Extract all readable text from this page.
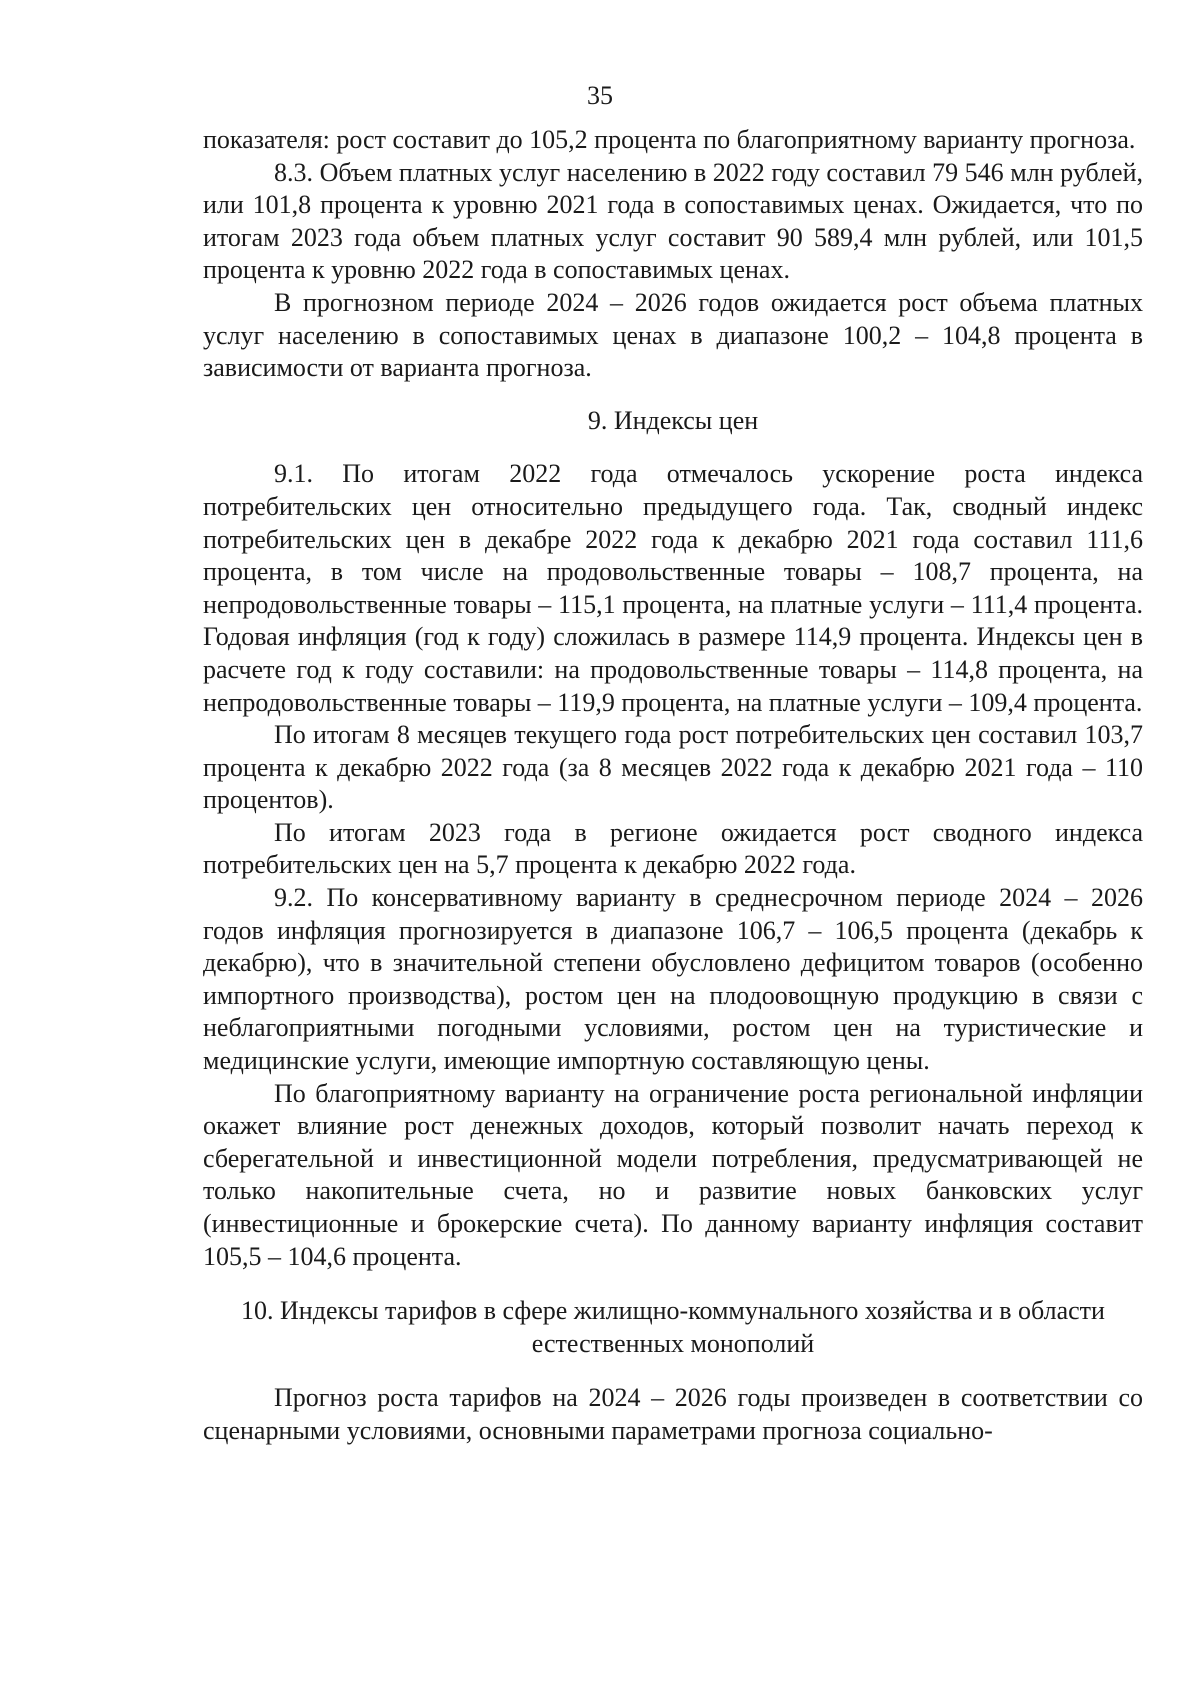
35

показателя: рост составит до 105,2 процента по благоприятному варианту прогноза.

8.3. Объем платных услуг населению в 2022 году составил 79 546 млн рублей, или 101,8 процента к уровню 2021 года в сопоставимых ценах. Ожидается, что по итогам 2023 года объем платных услуг составит 90 589,4 млн рублей, или 101,5 процента к уровню 2022 года в сопоставимых ценах.

В прогнозном периоде 2024 – 2026 годов ожидается рост объема платных услуг населению в сопоставимых ценах в диапазоне 100,2 – 104,8 процента в зависимости от варианта прогноза.

9. Индексы цен

9.1. По итогам 2022 года отмечалось ускорение роста индекса потребительских цен относительно предыдущего года. Так, сводный индекс потребительских цен в декабре 2022 года к декабрю 2021 года составил 111,6 процента, в том числе на продовольственные товары – 108,7 процента, на непродовольственные товары – 115,1 процента, на платные услуги – 111,4 процента. Годовая инфляция (год к году) сложилась в размере 114,9 процента. Индексы цен в расчете год к году составили: на продовольственные товары – 114,8 процента, на непродовольственные товары – 119,9 процента, на платные услуги – 109,4 процента.

По итогам 8 месяцев текущего года рост потребительских цен составил 103,7 процента к декабрю 2022 года (за 8 месяцев 2022 года к декабрю 2021 года – 110 процентов).

По итогам 2023 года в регионе ожидается рост сводного индекса потребительских цен на 5,7 процента к декабрю 2022 года.

9.2. По консервативному варианту в среднесрочном периоде 2024 – 2026 годов инфляция прогнозируется в диапазоне 106,7 – 106,5 процента (декабрь к декабрю), что в значительной степени обусловлено дефицитом товаров (особенно импортного производства), ростом цен на плодоовощную продукцию в связи с неблагоприятными погодными условиями, ростом цен на туристические и медицинские услуги, имеющие импортную составляющую цены.

По благоприятному варианту на ограничение роста региональной инфляции окажет влияние рост денежных доходов, который позволит начать переход к сберегательной и инвестиционной модели потребления, предусматривающей не только накопительные счета, но и развитие новых банковских услуг (инвестиционные и брокерские счета). По данному варианту инфляция составит 105,5 – 104,6 процента.

10. Индексы тарифов в сфере жилищно-коммунального хозяйства и в области
естественных монополий

Прогноз роста тарифов на 2024 – 2026 годы произведен в соответствии со сценарными условиями, основными параметрами прогноза социально-
